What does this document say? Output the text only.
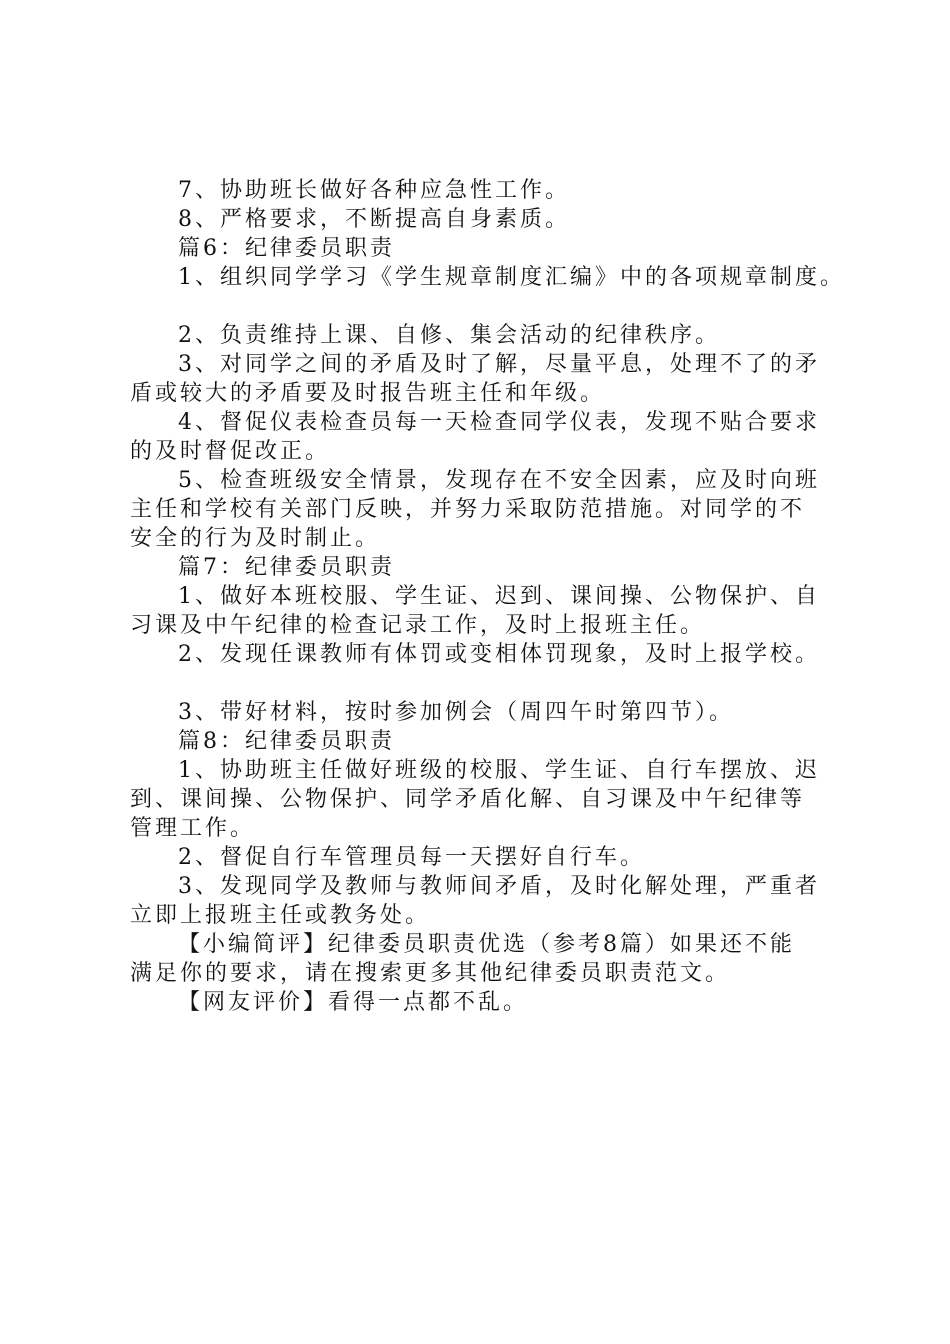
7、协助班长做好各种应急性工作。
8、严格要求，不断提高自身素质。
篇6：纪律委员职责
1、组织同学学习《学生规章制度汇编》中的各项规章制度。
2、负责维持上课、自修、集会活动的纪律秩序。
3、对同学之间的矛盾及时了解，尽量平息，处理不了的矛
盾或较大的矛盾要及时报告班主任和年级。
4、督促仪表检查员每一天检查同学仪表，发现不贴合要求
的及时督促改正。
5、检查班级安全情景，发现存在不安全因素，应及时向班
主任和学校有关部门反映，并努力采取防范措施。对同学的不
安全的行为及时制止。
篇7：纪律委员职责
1、做好本班校服、学生证、迟到、课间操、公物保护、自
习课及中午纪律的检查记录工作，及时上报班主任。
2、发现任课教师有体罚或变相体罚现象，及时上报学校。
3、带好材料，按时参加例会（周四午时第四节）。
篇8：纪律委员职责
1、协助班主任做好班级的校服、学生证、自行车摆放、迟
到、课间操、公物保护、同学矛盾化解、自习课及中午纪律等
管理工作。
2、督促自行车管理员每一天摆好自行车。
3、发现同学及教师与教师间矛盾，及时化解处理，严重者
立即上报班主任或教务处。
【小编简评】纪律委员职责优选（参考8篇）如果还不能
满足你的要求，请在搜索更多其他纪律委员职责范文。
【网友评价】看得一点都不乱。
